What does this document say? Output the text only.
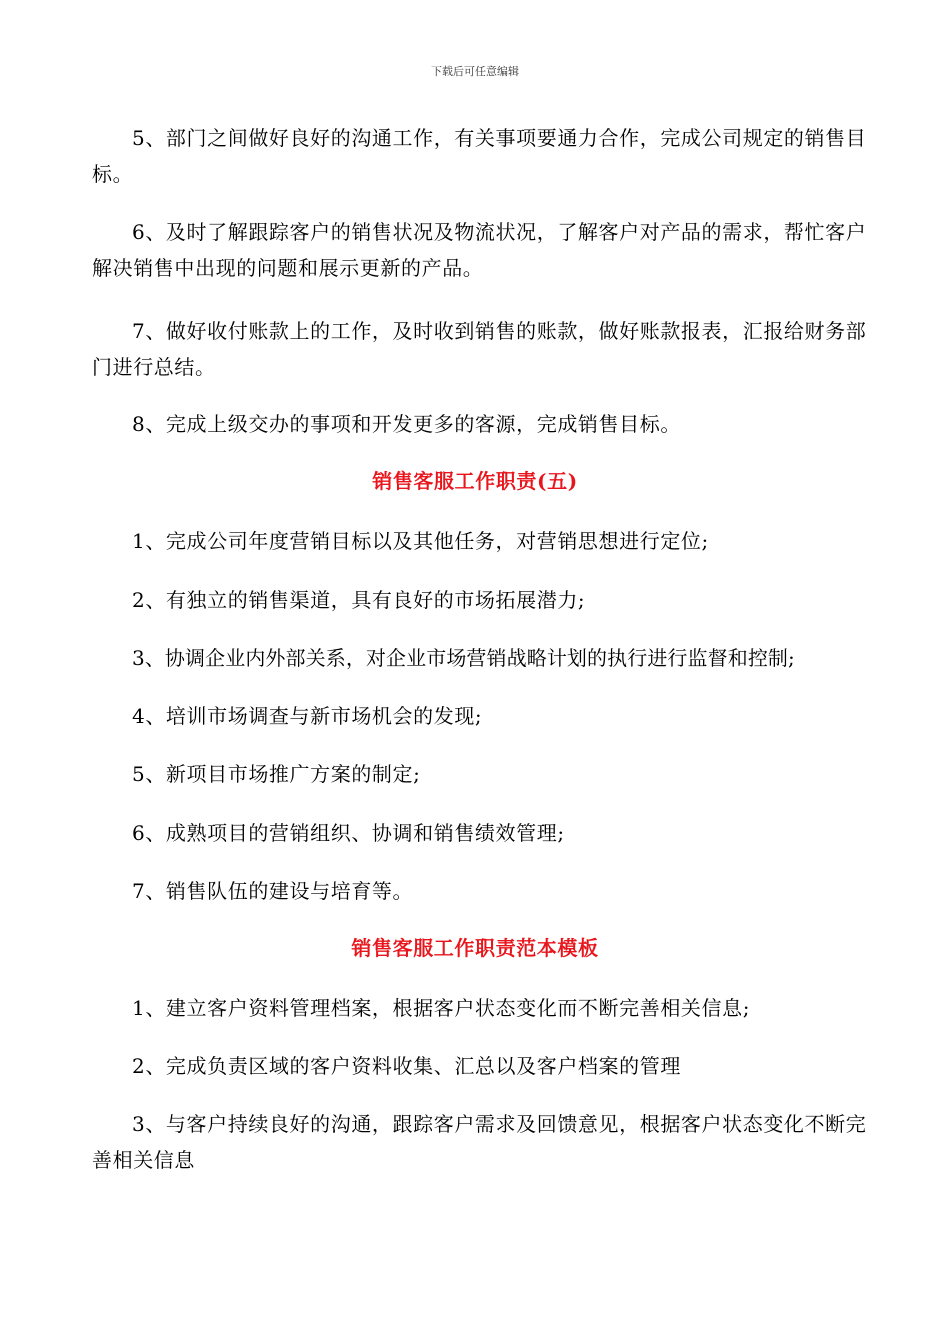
下载后可任意编辑

5、部门之间做好良好的沟通工作，有关事项要通力合作，完成公司规定的销售目标。

6、及时了解跟踪客户的销售状况及物流状况，了解客户对产品的需求，帮忙客户解决销售中出现的问题和展示更新的产品。

7、做好收付账款上的工作，及时收到销售的账款，做好账款报表，汇报给财务部门进行总结。

8、完成上级交办的事项和开发更多的客源，完成销售目标。

销售客服工作职责(五)

1、完成公司年度营销目标以及其他任务，对营销思想进行定位;

2、有独立的销售渠道，具有良好的市场拓展潜力;

3、协调企业内外部关系，对企业市场营销战略计划的执行进行监督和控制;

4、培训市场调查与新市场机会的发现;

5、新项目市场推广方案的制定;

6、成熟项目的营销组织、协调和销售绩效管理;

7、销售队伍的建设与培育等。

销售客服工作职责范本模板

1、建立客户资料管理档案，根据客户状态变化而不断完善相关信息;

2、完成负责区域的客户资料收集、汇总以及客户档案的管理

3、与客户持续良好的沟通，跟踪客户需求及回馈意见，根据客户状态变化不断完善相关信息
